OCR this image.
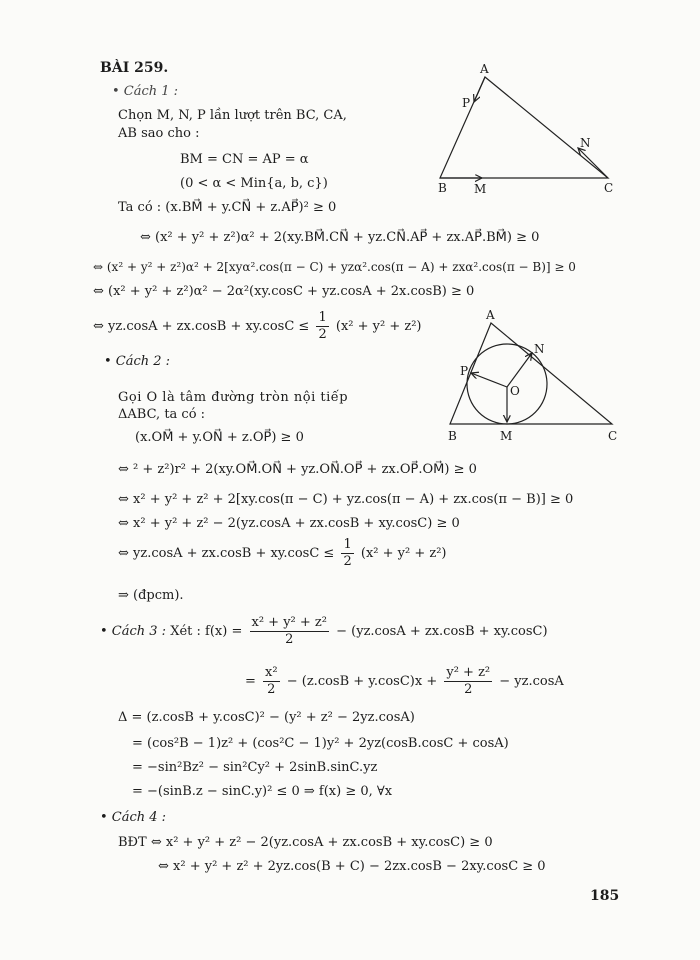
BÀI 259.
• Cách 1 :
Chọn M, N, P lần lượt trên BC, CA,
AB sao cho :
BM = CN = AP = α
(0 < α < Min{a, b, c})
Ta có : (x.BM⃗ + y.CN⃗ + z.AP⃗)² ≥ 0
⇔ (x² + y² + z²)α² + 2(xy.BM⃗.CN⃗ + yz.CN⃗.AP⃗ + zx.AP⃗.BM⃗) ≥ 0
⇔ (x² + y² + z²)α² + 2[xyα².cos(π − C) + yzα².cos(π − A) + zxα².cos(π − B)] ≥ 0
⇔ (x² + y² + z²)α² − 2α²(xy.cosC + yz.cosA + 2x.cosB) ≥ 0
⇔ $yz.\cos A + zx.\cos B + xy.\cos C \le \frac{1}{2} (x^2 + y^2 + z^2)$
• Cách 2 :
Gọi O là tâm đường tròn nội tiếp
ΔABC, ta có :
(x.OM⃗ + y.ON⃗ + z.OP⃗) ≥ 0
⇔ ² + z²)r² + 2(xy.OM⃗.ON⃗ + yz.ON⃗.OP⃗ + zx.OP⃗.OM⃗) ≥ 0
⇔ x² + y² + z² + 2[xy.cos(π − C) + yz.cos(π − A) + zx.cos(π − B)] ≥ 0
⇔ x² + y² + z² − 2(yz.cosA + zx.cosB + xy.cosC) ≥ 0
⇔ $yz.\cos A + zx.\cos B + xy.\cos C \le \frac{1}{2} (x^2 + y^2 + z^2)$
⇒ (đpcm).
• Cách 3 : Xét : $f(x) = \frac{\text{x² + y² + z²}}{2} - (yz.\cos A + zx.\cos B + xy.\cos C)$
= $\frac{\text{x²}}{2} - (z.\cos B + y.\cos C)x + \frac{\text{y² + z²}}{2} - yz.\cos A$
Δ = (z.cosB + y.cosC)² − (y² + z² − 2yz.cosA)
= (cos²B − 1)z² + (cos²C − 1)y² + 2yz(cosB.cosC + cosA)
= −sin²Bz² − sin²Cy² + 2sinB.sinC.yz
= −(sinB.z − sinC.y)² ≤ 0 ⇒ f(x) ≥ 0, ∀x
• Cách 4 :
BĐT ⇔ x² + y² + z² − 2(yz.cosA + zx.cosB + xy.cosC) ≥ 0
⇔ x² + y² + z² + 2yz.cos(B + C) − 2zx.cosB − 2xy.cosC ≥ 0
185
A
P
N
B M	C
A
N
P
O
B	M	C
